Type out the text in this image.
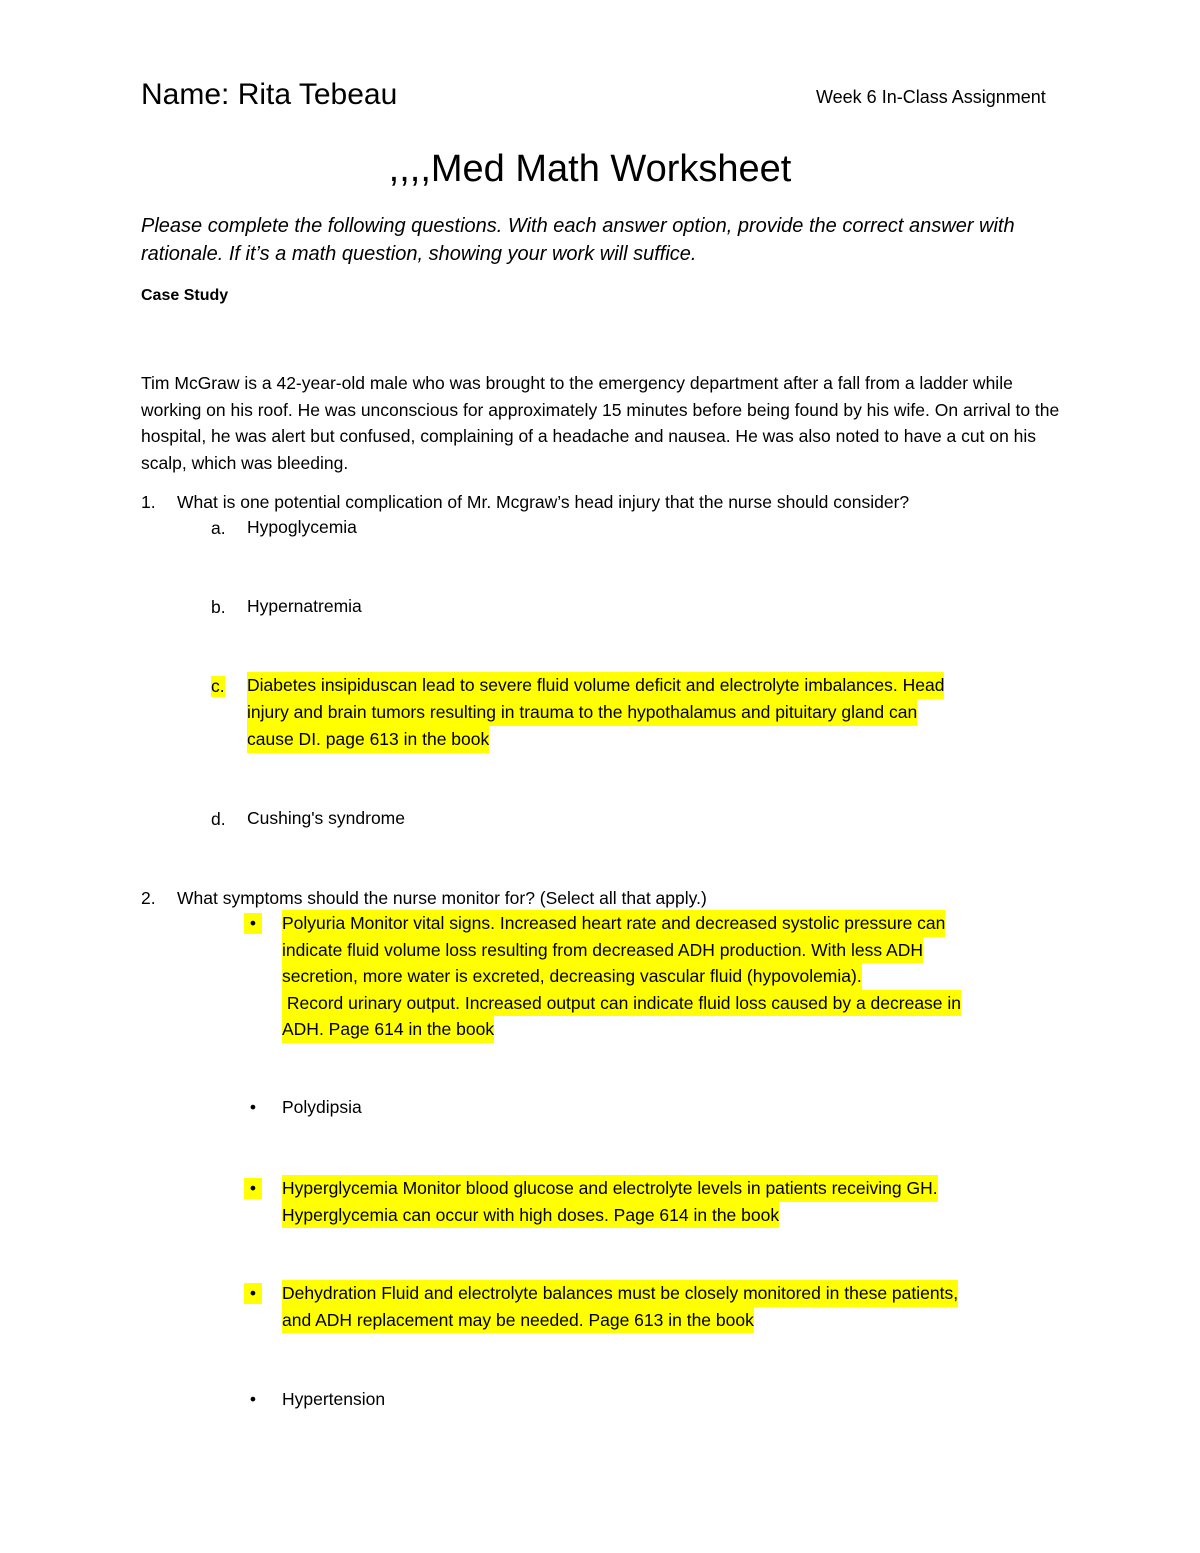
Name: Rita Tebeau	Week 6 In-Class Assignment
,,,,Med Math Worksheet
Please complete the following questions. With each answer option, provide the correct answer with rationale. If it’s a math question, showing your work will suffice.
Case Study
Tim McGraw is a 42-year-old male who was brought to the emergency department after a fall from a ladder while working on his roof. He was unconscious for approximately 15 minutes before being found by his wife. On arrival to the hospital, he was alert but confused, complaining of a headache and nausea. He was also noted to have a cut on his scalp, which was bleeding.
1. What is one potential complication of Mr. Mcgraw’s head injury that the nurse should consider?
a. Hypoglycemia
b. Hypernatremia
c. Diabetes insipiduscan lead to severe fluid volume deficit and electrolyte imbalances. Head
injury and brain tumors resulting in trauma to the hypothalamus and pituitary gland can
cause DI. page 613 in the book
d. Cushing's syndrome
2. What symptoms should the nurse monitor for? (Select all that apply.)
•	Polyuria Monitor vital signs. Increased heart rate and decreased systolic pressure can
indicate fluid volume loss resulting from decreased ADH production. With less ADH
secretion, more water is excreted, decreasing vascular fluid (hypovolemia).
Record urinary output. Increased output can indicate fluid loss caused by a decrease in
ADH. Page 614 in the book
•	Polydipsia
•	Hyperglycemia Monitor blood glucose and electrolyte levels in patients receiving GH.
Hyperglycemia can occur with high doses. Page 614 in the book
•	Dehydration Fluid and electrolyte balances must be closely monitored in these patients,
and ADH replacement may be needed. Page 613 in the book
•	Hypertension
